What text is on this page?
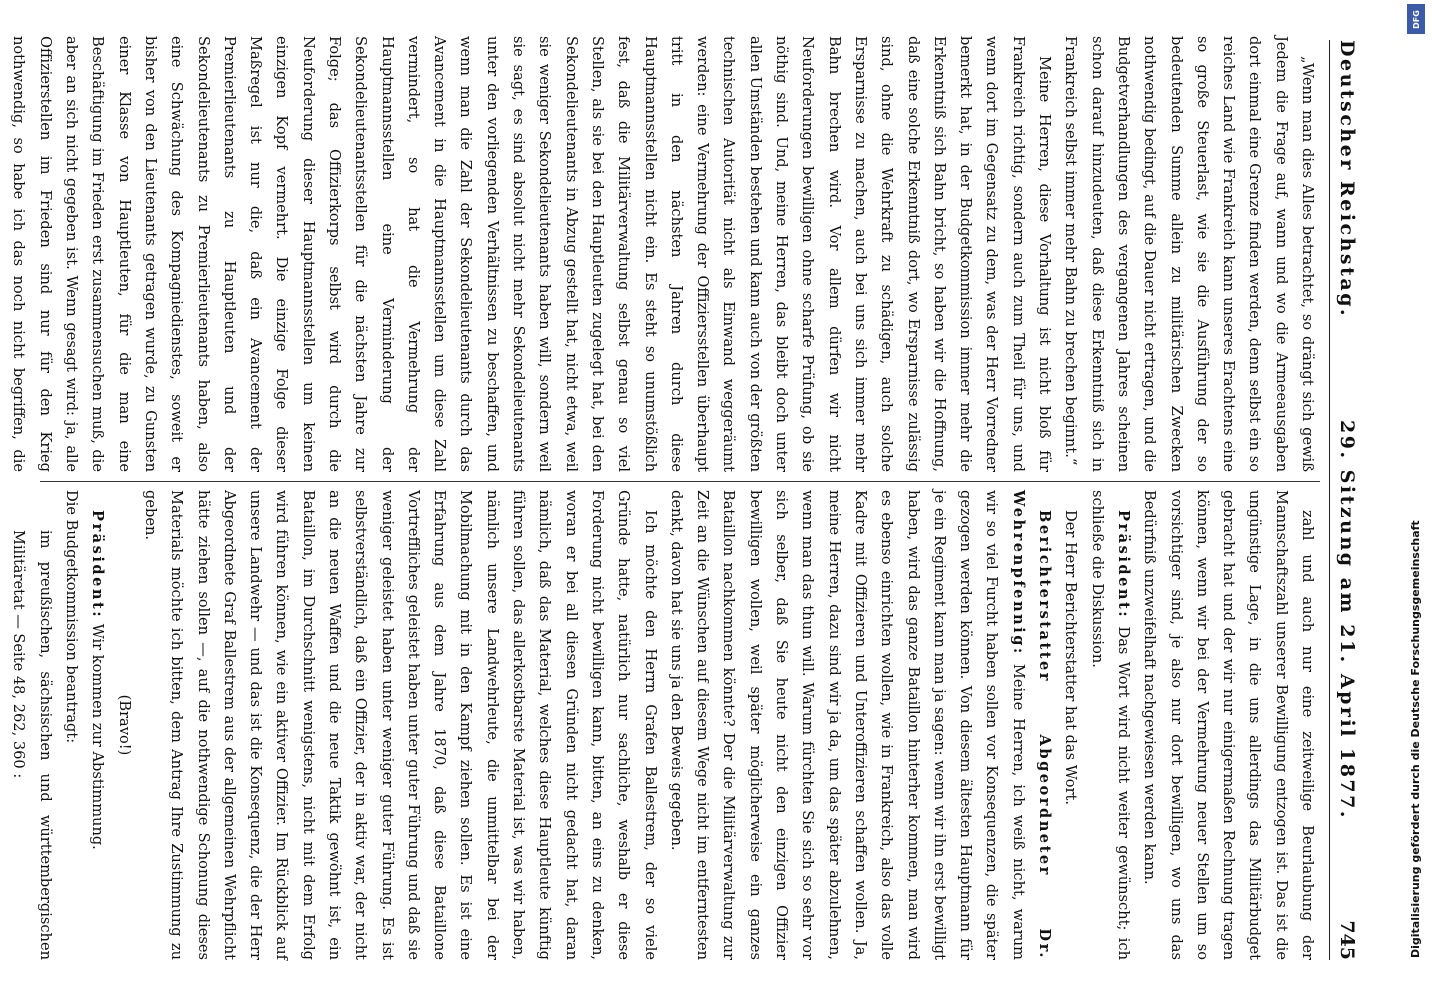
Deutscher Reichstag.
29. Sitzung am 21. April 1877.
745

„Wenn man dies Alles betrachtet, so drängt sich gewiß Jedem die Frage auf, wann und wo die Armeeausgaben dort einmal eine Grenze finden werden, denn selbst ein so reiches Land wie Frankreich kann unseres Erachtens eine so große Steuerlast, wie sie die Ausführung der so bedeutenden Summe allein zu militärischen Zwecken nothwendig bedingt, auf die Dauer nicht ertragen, und die Budgetverhandlungen des vergangenen Jahres scheinen schon darauf hinzudeuten, daß diese Erkenntniß sich in Frankreich selbst immer mehr Bahn zu brechen beginnt.“

Meine Herren, diese Vorhaltung ist nicht bloß für Frankreich richtig, sondern auch zum Theil für uns, und wenn dort im Gegensatz zu dem, was der Herr Vorredner bemerkt hat, in der Budgetkommission immer mehr die Erkenntniß sich Bahn bricht, so haben wir die Hoffnung, daß eine solche Erkenntniß dort, wo Ersparnisse zulässig sind, ohne die Wehrkraft zu schädigen, auch solche Ersparnisse zu machen, auch bei uns sich immer mehr Bahn brechen wird. Vor allem dürfen wir nicht Neuforderungen bewilligen ohne scharfe Prüfung, ob sie nöthig sind. Und, meine Herren, das bleibt doch unter allen Umständen bestehen und kann auch von der größten technischen Autorität nicht als Einwand weggeräumt werden: eine Vermehrung der Offiziersstellen überhaupt tritt in den nächsten Jahren durch diese Hauptmannsstellen nicht ein. Es steht so unumstößlich fest, daß die Militärverwaltung selbst genau so viel Stellen, als sie bei den Hauptleuten zugelegt hat, bei den Sekondelieutenants in Abzug gestellt hat, nicht etwa, weil sie weniger Sekondelieutenants haben will, sondern weil sie sagt, es sind absolut nicht mehr Sekondelieutenants unter den vorliegenden Verhältnissen zu beschaffen, und wenn man die Zahl der Sekondelieutenants durch das Avancement in die Hauptmannsstellen um diese Zahl vermindert, so hat die Vermehrung der Hauptmannsstellen eine Verminderung der Sekondelieutenantsstellen für die nächsten Jahre zur Folge; das Offizierkorps selbst wird durch die Neuforderung dieser Hauptmannsstellen um keinen einzigen Kopf vermehrt. Die einzige Folge dieser Maßregel ist nur die, daß ein Avancement der Premierlieutenants zu Hauptleuten und der Sekondelieutenants zu Premierlieutenants haben, also eine Schwächung des Kompagniedienstes, soweit er bisher von den Lieutenants getragen wurde, zu Gunsten einer Klasse von Hauptleuten, für die man eine Beschäftigung im Frieden erst zusammensuchen muß, die aber an sich nicht gegeben ist. Wenn gesagt wird: ja, alle Offizierstellen im Frieden sind nur für den Krieg nothwendig, so habe ich das noch nicht begriffen, die

zahl und auch nur eine zeitweilige Beurlaubung der Mannschaftszahl unserer Bewilligung entzogen ist. Das ist die ungünstige Lage, in die uns allerdings das Militärbudget gebracht hat und der wir nur einigermaßen Rechnung tragen können, wenn wir bei der Vermehrung neuer Stellen um so vorsichtiger sind, je also nur dort bewilligen, wo uns das Bedürfniß unzweifelhaft nachgewiesen werden kann.

Präsident: Das Wort wird nicht weiter gewünscht; ich schließe die Diskussion.

Der Herr Berichterstatter hat das Wort.

Berichterstatter Abgeordneter Dr. Wehrenpfennig: Meine Herren, ich weiß nicht, warum wir so viel Furcht haben sollen vor Konsequenzen, die später gezogen werden können. Von diesem ältesten Hauptmann für je ein Regiment kann man ja sagen: wenn wir ihn erst bewilligt haben, wird das ganze Bataillon hinterher kommen, man wird es ebenso einrichten wollen, wie in Frankreich, also das volle Kadre mit Offizieren und Unteroffizieren schaffen wollen. Ja, meine Herren, dazu sind wir ja da, um das später abzulehnen, wenn man das thun will. Warum fürchten Sie sich so sehr vor sich selber, daß Sie heute nicht den einzigen Offizier bewilligen wollen, weil später möglicherweise ein ganzes Bataillon nachkommen könnte? Der die Militärverwaltung zur Zeit an die Wünschen auf diesem Wege nicht im entferntesten denkt, davon hat sie uns ja den Beweis gegeben.

Ich möchte den Herrn Grafen Ballestrem, der so viele Gründe hatte, natürlich nur sachliche, weshalb er diese Forderung nicht bewilligen kann, bitten, an eins zu denken, woran er bei all diesen Gründen nicht gedacht hat, daran nämlich, daß das Material, welches diese Hauptleute künftig führen sollen, das allerkostbarste Material ist, was wir haben, nämlich unsere Landwehrleute, die unmittelbar bei der Mobilmachung mit in den Kampf ziehen sollen. Es ist eine Erfahrung aus dem Jahre 1870, daß diese Bataillone Vortreffliches geleistet haben unter guter Führung und daß sie weniger geleistet haben unter weniger guter Führung. Es ist selbstverständlich, daß ein Offizier, der in aktiv war, der nicht an die neuen Waffen und die neue Taktik gewöhnt ist, ein Bataillon, im Durchschnitt wenigstens, nicht mit dem Erfolg wird führen können, wie ein aktiver Offizier. Im Rückblick auf unsere Landwehr — und das ist die Konsequenz, die der Herr Abgeordnete Graf Ballestrem aus der allgemeinen Wehrpflicht hätte ziehen sollen —, auf die nothwendige Schonung dieses Materials möchte ich bitten, dem Antrag Ihre Zustimmung zu geben.

(Bravo!)

Präsident: Wir kommen zur Abstimmung.

Die Budgetkommission beantragt:

im preußischen, sächsischen und württembergischen Militäretat — Seite 48, 262, 360 :

DFG
Digitalisierung gefördert durch die Deutsche Forschungsgemeinschaft
